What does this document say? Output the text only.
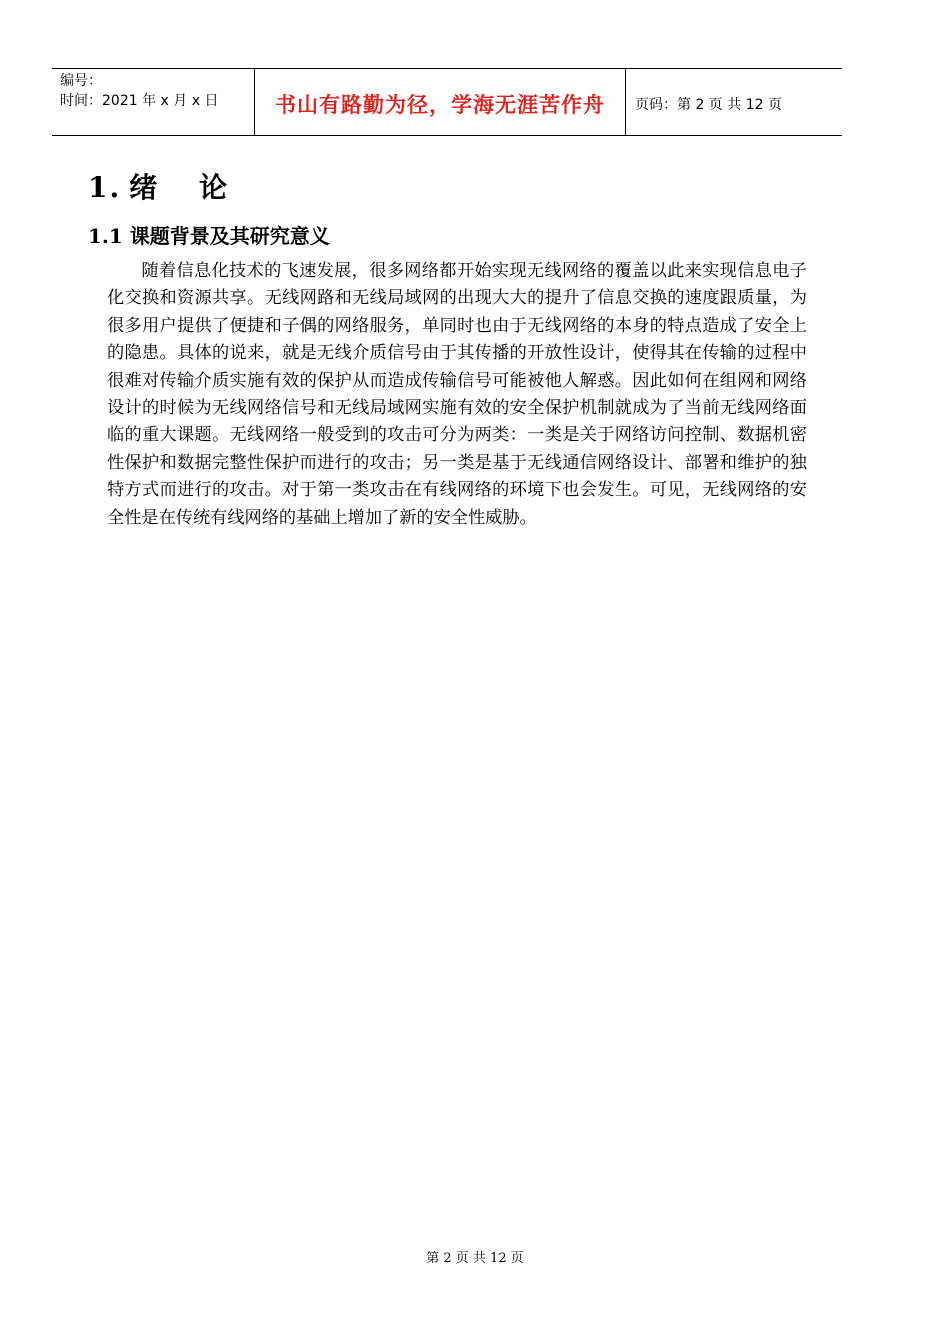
编号：
时间：2021 年 x 月 x 日	书山有路勤为径，学海无涯苦作舟 页码：第 2 页 共 12 页
1. 绪 论
1.1 课题背景及其研究意义

随着信息化技术的飞速发展，很多网络都开始实现无线网络的覆盖以此来实现信息电子化交换和资源共享。无线网路和无线局域网的出现大大的提升了信息交换的速度跟质量，为很多用户提供了便捷和子偶的网络服务，单同时也由于无线网络的本身的特点造成了安全上的隐患。具体的说来，就是无线介质信号由于其传播的开放性设计，使得其在传输的过程中很难对传输介质实施有效的保护从而造成传输信号可能被他人解惑。因此如何在组网和网络设计的时候为无线网络信号和无线局域网实施有效的安全保护机制就成为了当前无线网络面临的重大课题。无线网络一般受到的攻击可分为两类：一类是关于网络访问控制、数据机密性保护和数据完整性保护而进行的攻击；另一类是基于无线通信网络设计、部署和维护的独特方式而进行的攻击。对于第一类攻击在有线网络的环境下也会发生。可见，无线网络的安全性是在传统有线网络的基础上增加了新的安全性威胁。

第 2 页 共 12 页
